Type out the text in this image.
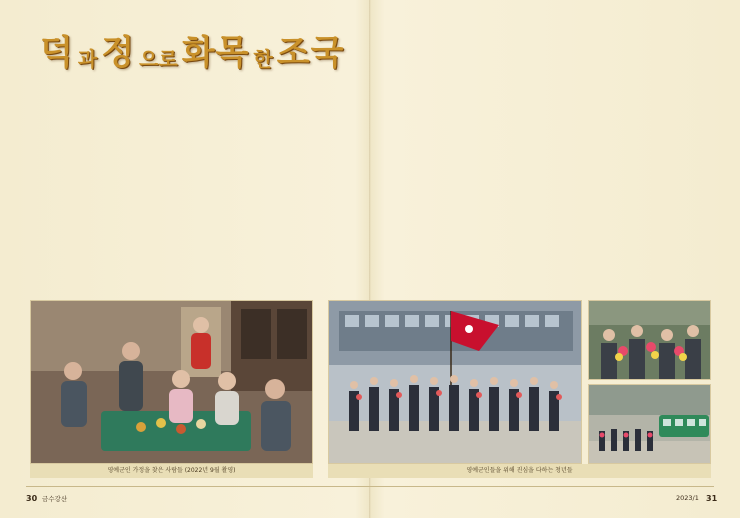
덕 과 정 으로 화목 한 조국
영예군인 가정을 찾은 사람들 (2022년 9월 촬영)	영예군인들을 위해 진심을 다하는 청년들
30 금수강산	2023/1 31
